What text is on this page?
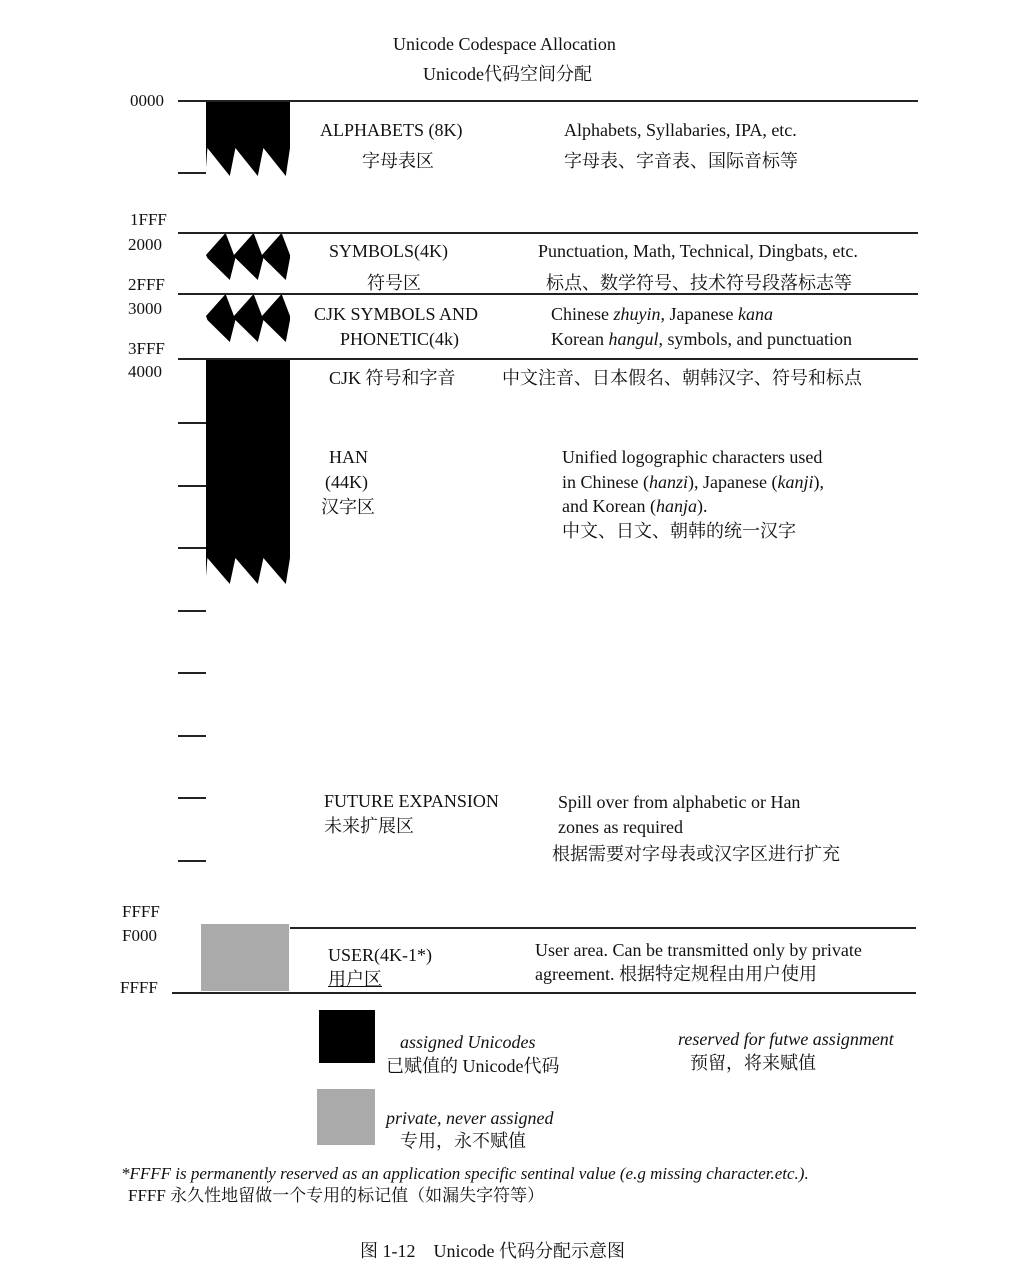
Unicode Codespace Allocation
Unicode代码空间分配
0000
1FFF
2000
2FFF
3000
3FFF
4000
FFFF
F000
FFFF
ALPHABETS (8K)
字母表区
Alphabets, Syllabaries, IPA, etc.
字母表、字音表、国际音标等
SYMBOLS(4K)
符号区
Punctuation, Math, Technical, Dingbats, etc.
标点、数学符号、技术符号段落标志等
CJK SYMBOLS AND
PHONETIC(4k)
Chinese zhuyin, Japanese kana
Korean hangul, symbols, and punctuation
CJK 符号和字音	中文注音、日本假名、朝韩汉字、符号和标点
HAN
(44K)
汉字区
Unified logographic characters used
in Chinese (hanzi), Japanese (kanji),
and Korean (hanja).
中文、日文、朝韩的统一汉字
FUTURE EXPANSION
未来扩展区
Spill over from alphabetic or Han
zones as required
根据需要对字母表或汉字区进行扩充
USER(4K-1*)
用户区
User area. Can be transmitted only by private
agreement. 根据特定规程由用户使用
assigned Unicodes
已赋值的 Unicode代码
reserved for futwe assignment
预留，将来赋值
private, never assigned
专用，永不赋值
*FFFF is permanently reserved as an application specific sentinal value (e.g missing character.etc.).
FFFF 永久性地留做一个专用的标记值（如漏失字符等）
图 1-12　Unicode 代码分配示意图
